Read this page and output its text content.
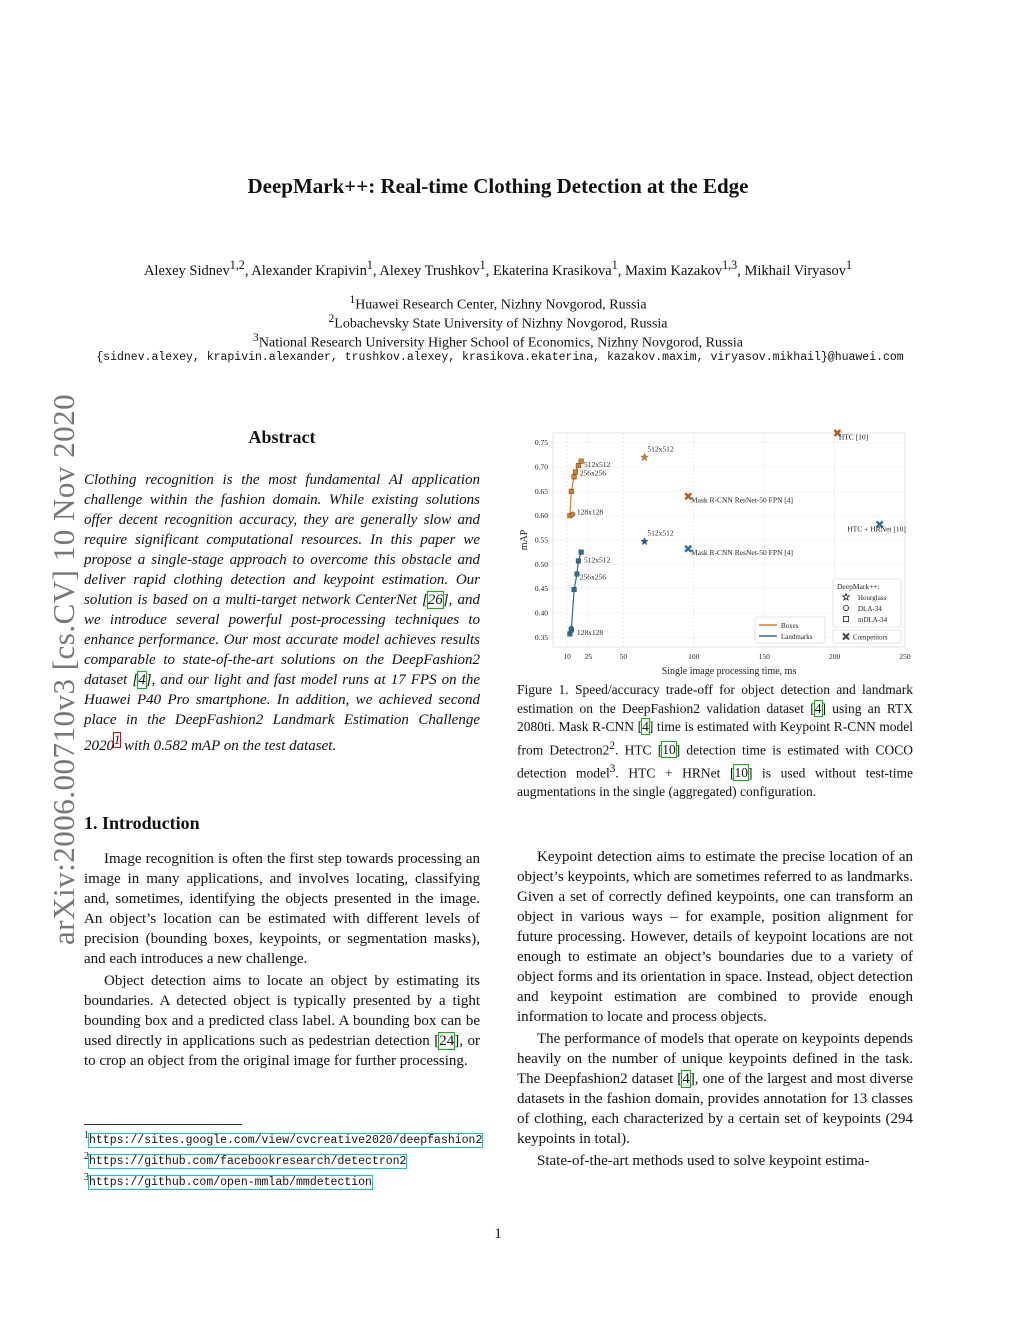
arXiv:2006.00710v3 [cs.CV] 10 Nov 2020
DeepMark++: Real-time Clothing Detection at the Edge
Alexey Sidnev$^{1,2}$, Alexander Krapivin$^1$, Alexey Trushkov$^1$, Ekaterina Krasikova$^1$, Maxim Kazakov$^{1,3}$, Mikhail Viryasov$^1$
$^1$Huawei Research Center, Nizhny Novgorod, Russia
$^2$Lobachevsky State University of Nizhny Novgorod, Russia
$^3$National Research University Higher School of Economics, Nizhny Novgorod, Russia
{sidnev.alexey, krapivin.alexander, trushkov.alexey, krasikova.ekaterina, kazakov.maxim, viryasov.mikhail}@huawei.com
Abstract
Clothing recognition is the most fundamental AI application challenge within the fashion domain. While existing solutions offer decent recognition accuracy, they are generally slow and require significant computational resources. In this paper we propose a single-stage approach to overcome this obstacle and deliver rapid clothing detection and keypoint estimation. Our solution is based on a multi-target network CenterNet [26], and we introduce several powerful post-processing techniques to enhance performance. Our most accurate model achieves results comparable to state-of-the-art solutions on the DeepFashion2 dataset [4], and our light and fast model runs at 17 FPS on the Huawei P40 Pro smartphone. In addition, we achieved second place in the DeepFashion2 Landmark Estimation Challenge 2020$^1$ with 0.582 mAP on the test dataset.
1. Introduction

Image recognition is often the first step towards processing an image in many applications, and involves locating, classifying and, sometimes, identifying the objects presented in the image. An object’s location can be estimated with different levels of precision (bounding boxes, keypoints, or segmentation masks), and each introduces a new challenge.

Object detection aims to locate an object by estimating its boundaries. A detected object is typically presented by a tight bounding box and a predicted class label. A bounding box can be used directly in applications such as pedestrian detection [24], or to crop an object from the original image for further processing.

$^1$https://sites.google.com/view/cvcreative2020/deepfashion2
$^2$https://github.com/facebookresearch/detectron2
$^3$https://github.com/open-mmlab/mmdetection
10 25	50	100	150	200	250
0.35
0.40
0.45
0.50
0.55
0.60
0.65
0.70
0.75
Single image processing time, ms
mAP
512x512
512x512
256x256
128x128
512x512
512x512
256x256
128x128
HTC [10]
Mask R-CNN ResNet-50 FPN [4]
HTC + HRNet [10]
Mask R-CNN ResNet-50 FPN [4]
Boxes
Landmarks
DeepMark++:
Hourglass
DLA-34
mDLA-34
Competitors
Figure 1. Speed/accuracy trade-off for object detection and landmark estimation on the DeepFashion2 validation dataset [4] using an RTX 2080ti. Mask R-CNN [4] time is estimated with Keypoint R-CNN model from $Detectron2^2$. HTC [10] detection time is estimated with COCO detection model$^3$. HTC + HRNet [10] is used without test-time augmentations in the single (aggregated) configuration.

Keypoint detection aims to estimate the precise location of an object’s keypoints, which are sometimes referred to as landmarks. Given a set of correctly defined keypoints, one can transform an object in various ways – for example, position alignment for future processing. However, details of keypoint locations are not enough to estimate an object’s boundaries due to a variety of object forms and its orientation in space. Instead, object detection and keypoint estimation are combined to provide enough information to locate and process objects.

The performance of models that operate on keypoints depends heavily on the number of unique keypoints defined in the task. The Deepfashion2 dataset [4], one of the largest and most diverse datasets in the fashion domain, provides annotation for 13 classes of clothing, each characterized by a certain set of keypoints (294 keypoints in total).

State-of-the-art methods used to solve keypoint estima-

1
